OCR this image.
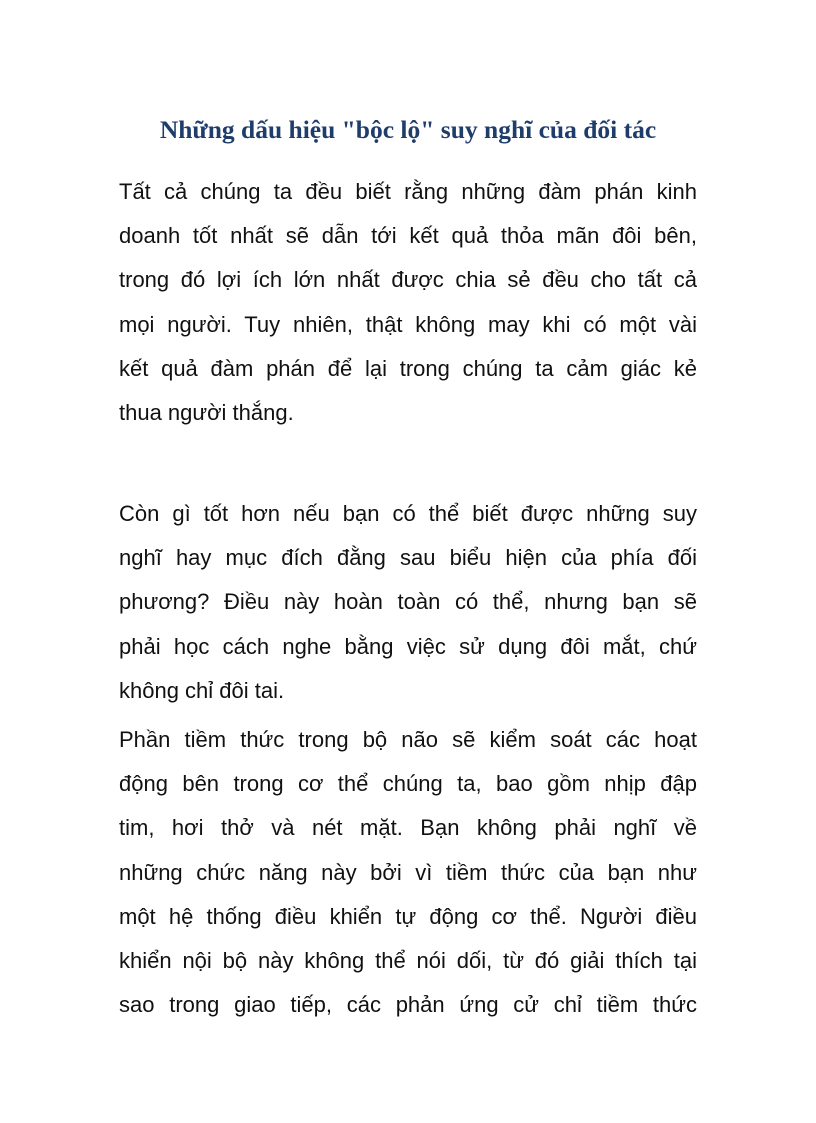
Những dấu hiệu "bộc lộ" suy nghĩ của đối tác

Tất cả chúng ta đều biết rằng những đàm phán kinh
doanh tốt nhất sẽ dẫn tới kết quả thỏa mãn đôi bên,
trong đó lợi ích lớn nhất được chia sẻ đều cho tất cả
mọi người. Tuy nhiên, thật không may khi có một vài
kết quả đàm phán để lại trong chúng ta cảm giác kẻ
thua người thắng.

Còn gì tốt hơn nếu bạn có thể biết được những suy
nghĩ hay mục đích đằng sau biểu hiện của phía đối
phương? Điều này hoàn toàn có thể, nhưng bạn sẽ
phải học cách nghe bằng việc sử dụng đôi mắt, chứ
không chỉ đôi tai.

Phần tiềm thức trong bộ não sẽ kiểm soát các hoạt
động bên trong cơ thể chúng ta, bao gồm nhịp đập
tim, hơi thở và nét mặt. Bạn không phải nghĩ về
những chức năng này bởi vì tiềm thức của bạn như
một hệ thống điều khiển tự động cơ thể. Người điều
khiển nội bộ này không thể nói dối, từ đó giải thích tại
sao trong giao tiếp, các phản ứng cử chỉ tiềm thức
